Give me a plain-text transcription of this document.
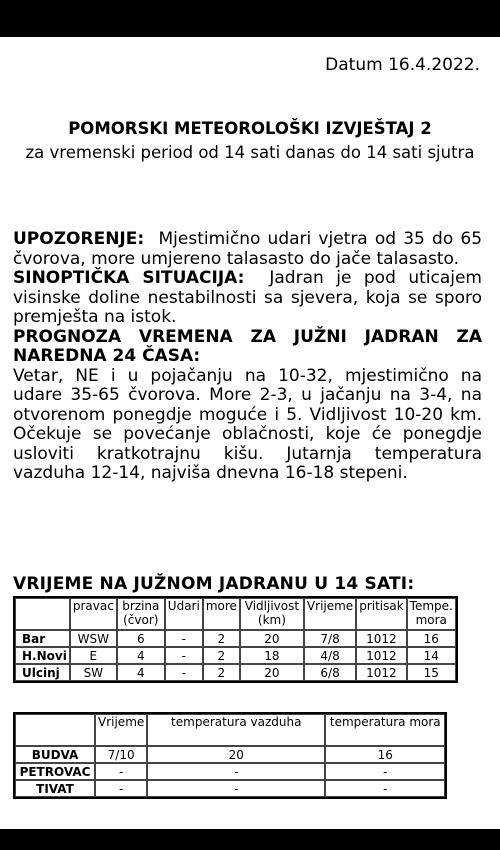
Datum 16.4.2022.
POMORSKI METEOROLOŠKI IZVJEŠTAJ 2
za vremenski period od 14 sati danas do 14 sati sjutra

UPOZORENJE: Mjestimično udari vjetra od 35 do 65 čvorova, more umjereno talasasto do jače talasasto.

SINOPTIČKA SITUACIJA: Jadran je pod uticajem visinske doline nestabilnosti sa sjevera, koja se sporo premješta na istok.

PROGNOZA VREMENA ZA JUŽNI JADRAN ZA NAREDNA 24 ČASA:

Vetar, NE i u pojačanju na 10-32, mjestimično na udare 35-65 čvorova. More 2-3, u jačanju na 3-4, na otvorenom ponegdje moguće i 5. Vidljivost 10-20 km. Očekuje se povećanje oblačnosti, koje će ponegdje usloviti kratkotrajnu kišu. Jutarnja temperatura vazduha 12-14, najviša dnevna 16-18 stepeni.

VRIJEME NA JUŽNOM JADRANU U 14 SATI:
	pravac	brzina (čvor)	Udari	more	Vidljivost (km)	Vrijeme	pritisak	Tempe. mora
Bar	WSW	6	-	2	20	7/8	1012	16
H.Novi	E	4	-	2	18	4/8	1012	14
Ulcinj	SW	4	-	2	20	6/8	1012	15
	Vrijeme	temperatura vazduha	temperatura mora
BUDVA	7/10	20	16
PETROVAC	-	-	-
TIVAT	-	-	-
